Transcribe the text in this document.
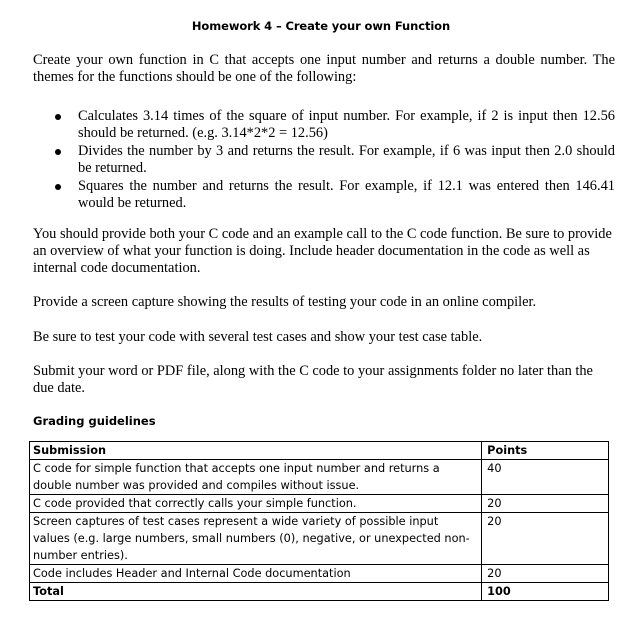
Homework 4 – Create your own Function

Create your own function in C that accepts one input number and returns a double number. The themes for the functions should be one of the following:

Calculates 3.14 times of the square of input number. For example, if 2 is input then 12.56 should be returned. (e.g. 3.14*2*2 = 12.56)
Divides the number by 3 and returns the result. For example, if 6 was input then 2.0 should be returned.
Squares the number and returns the result. For example, if 12.1 was entered then 146.41 would be returned.

You should provide both your C code and an example call to the C code function. Be sure to provide an overview of what your function is doing. Include header documentation in the code as well as internal code documentation.

Provide a screen capture showing the results of testing your code in an online compiler.

Be sure to test your code with several test cases and show your test case table.

Submit your word or PDF file, along with the C code to your assignments folder no later than the due date.

Grading guidelines
Submission	Points
C code for simple function that accepts one input number and returns a double number was provided and compiles without issue.	40
C code provided that correctly calls your simple function.	20
Screen captures of test cases represent a wide variety of possible input values (e.g. large numbers, small numbers (0), negative, or unexpected non-number entries).	20
Code includes Header and Internal Code documentation	20
Total	100
